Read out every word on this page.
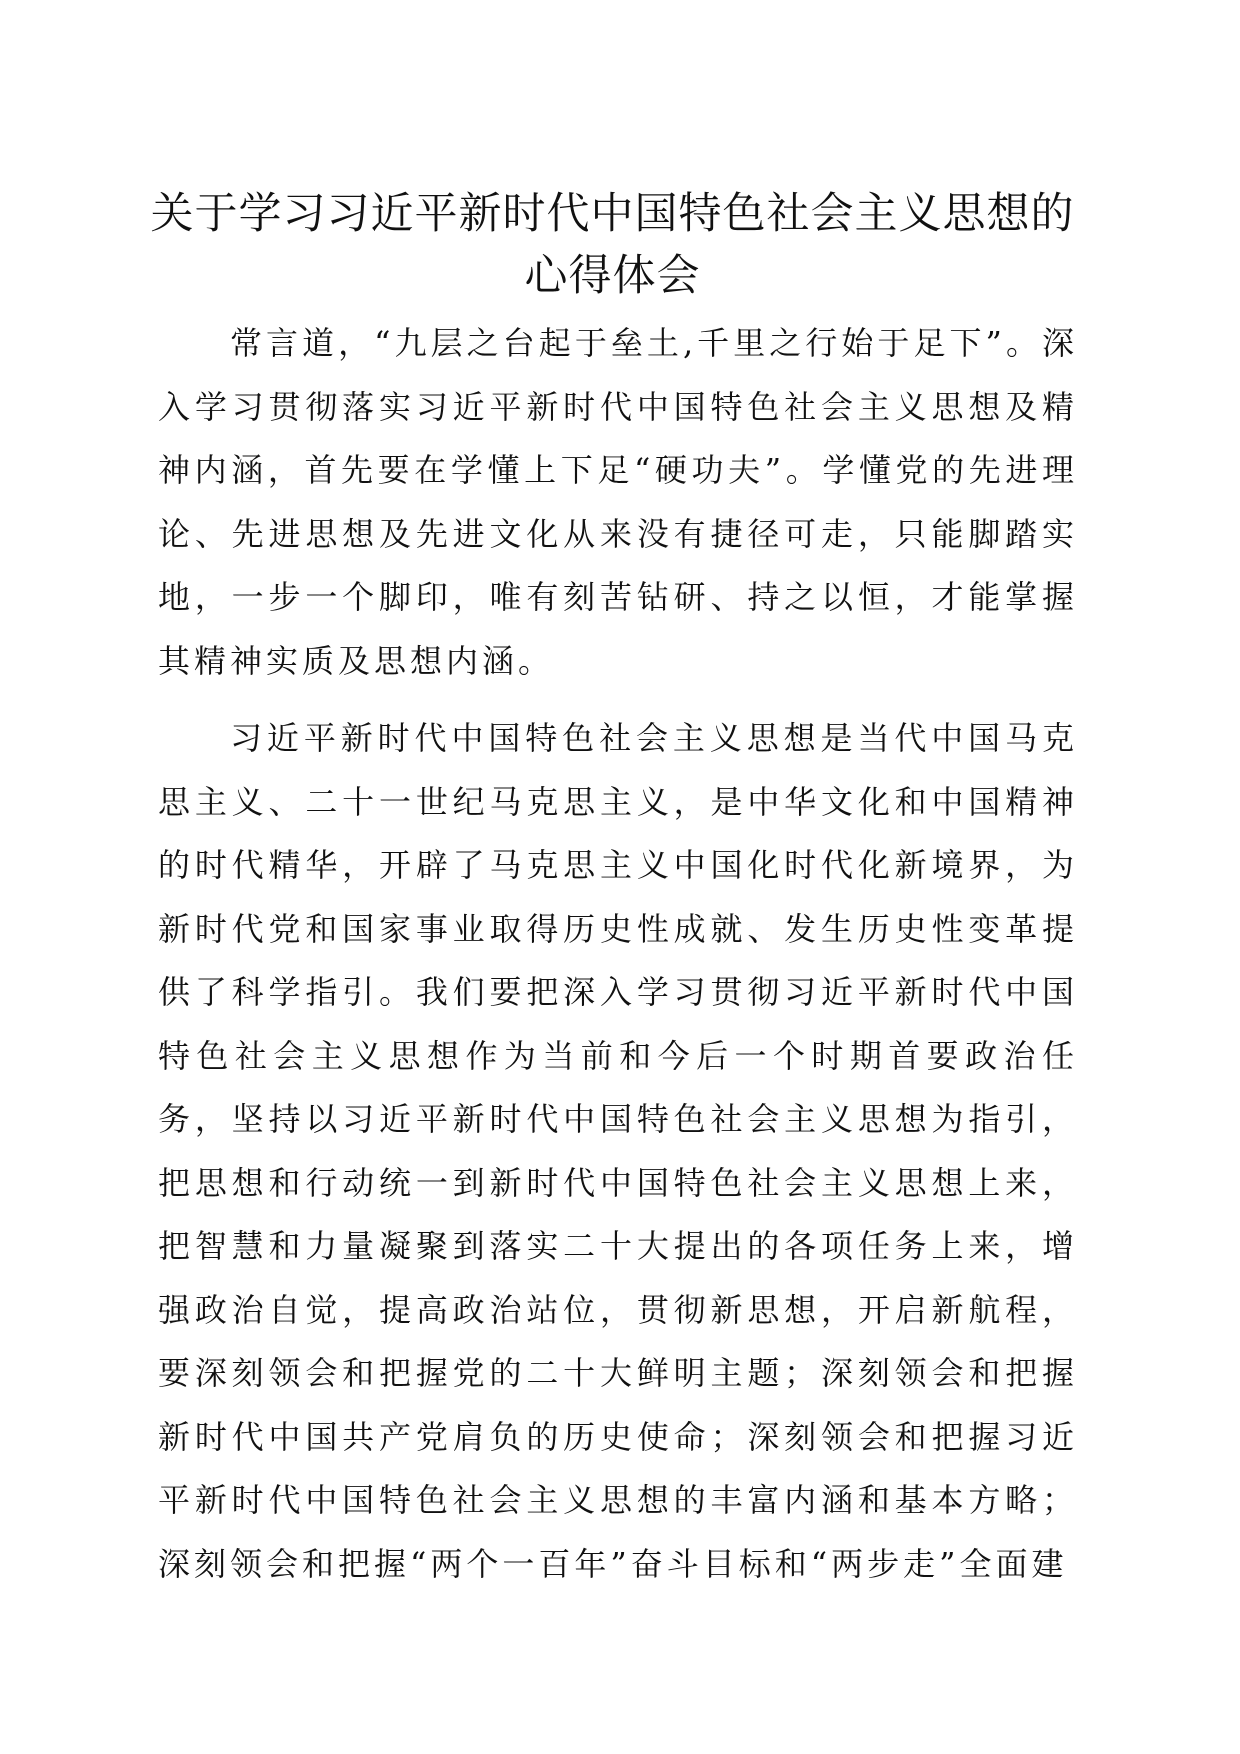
关于学习习近平新时代中国特色社会主义思想的心得体会

常言道，“九层之台起于垒土,千里之行始于足下”。深入学习贯彻落实习近平新时代中国特色社会主义思想及精神内涵，首先要在学懂上下足“硬功夫”。学懂党的先进理论、先进思想及先进文化从来没有捷径可走，只能脚踏实地，一步一个脚印，唯有刻苦钻研、持之以恒，才能掌握其精神实质及思想内涵。

习近平新时代中国特色社会主义思想是当代中国马克思主义、二十一世纪马克思主义，是中华文化和中国精神的时代精华，开辟了马克思主义中国化时代化新境界，为新时代党和国家事业取得历史性成就、发生历史性变革提供了科学指引。我们要把深入学习贯彻习近平新时代中国特色社会主义思想作为当前和今后一个时期首要政治任务，坚持以习近平新时代中国特色社会主义思想为指引，把思想和行动统一到新时代中国特色社会主义思想上来，把智慧和力量凝聚到落实二十大提出的各项任务上来，增强政治自觉，提高政治站位，贯彻新思想，开启新航程，要深刻领会和把握党的二十大鲜明主题；深刻领会和把握新时代中国共产党肩负的历史使命；深刻领会和把握习近平新时代中国特色社会主义思想的丰富内涵和基本方略；深刻领会和把握“两个一百年”奋斗目标和“两步走”全面建
